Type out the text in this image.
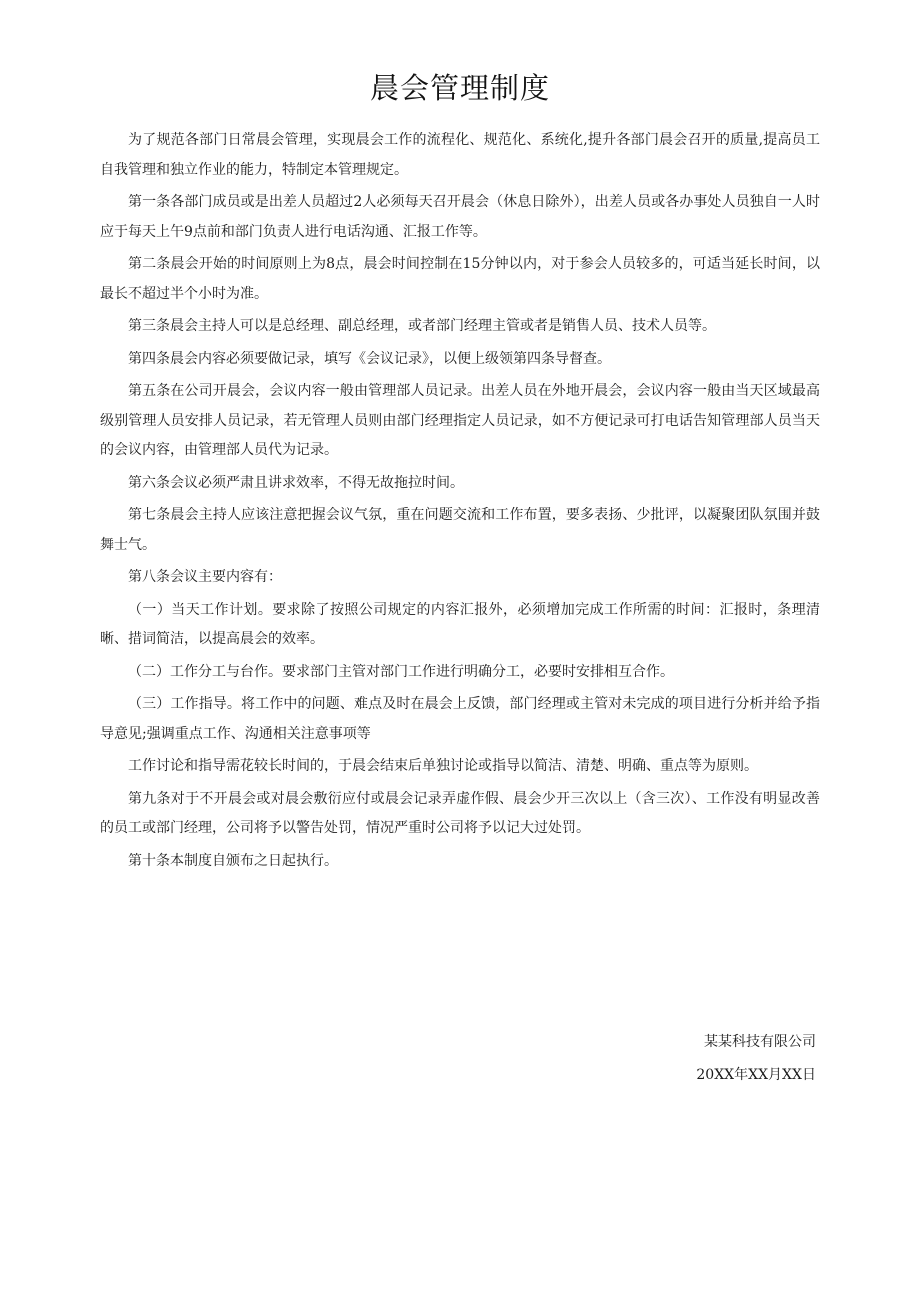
晨会管理制度

为了规范各部门日常晨会管理，实现晨会工作的流程化、规范化、系统化,提升各部门晨会召开的质量,提高员工自我管理和独立作业的能力，特制定本管理规定。

第一条各部门成员或是出差人员超过2人必须每天召开晨会（休息日除外），出差人员或各办事处人员独自一人时应于每天上午9点前和部门负责人进行电话沟通、汇报工作等。

第二条晨会开始的时间原则上为8点，晨会时间控制在15分钟以内，对于参会人员较多的，可适当延长时间，以最长不超过半个小时为准。

第三条晨会主持人可以是总经理、副总经理，或者部门经理主管或者是销售人员、技术人员等。

第四条晨会内容必须要做记录，填写《会议记录》，以便上级领第四条导督查。

第五条在公司开晨会，会议内容一般由管理部人员记录。出差人员在外地开晨会，会议内容一般由当天区域最高级别管理人员安排人员记录，若无管理人员则由部门经理指定人员记录，如不方便记录可打电话告知管理部人员当天的会议内容，由管理部人员代为记录。

第六条会议必须严肃且讲求效率，不得无故拖拉时间。

第七条晨会主持人应该注意把握会议气氛，重在问题交流和工作布置，要多表扬、少批评，以凝聚团队氛围并鼓舞士气。

第八条会议主要内容有：

（一）当天工作计划。要求除了按照公司规定的内容汇报外，必须增加完成工作所需的时间：汇报时，条理清晰、措词简洁，以提高晨会的效率。

（二）工作分工与台作。要求部门主管对部门工作进行明确分工，必要时安排相互合作。

（三）工作指导。将工作中的问题、难点及时在晨会上反馈，部门经理或主管对未完成的项目进行分析并给予指导意见;强调重点工作、沟通相关注意事项等

工作讨论和指导需花较长时间的，于晨会结束后单独讨论或指导以简洁、清楚、明确、重点等为原则。

第九条对于不开晨会或对晨会敷衍应付或晨会记录弄虚作假、晨会少开三次以上（含三次）、工作没有明显改善的员工或部门经理，公司将予以警告处罚，情况严重时公司将予以记大过处罚。

第十条本制度自颁布之日起执行。

某某科技有限公司
20XX年XX月XX日
